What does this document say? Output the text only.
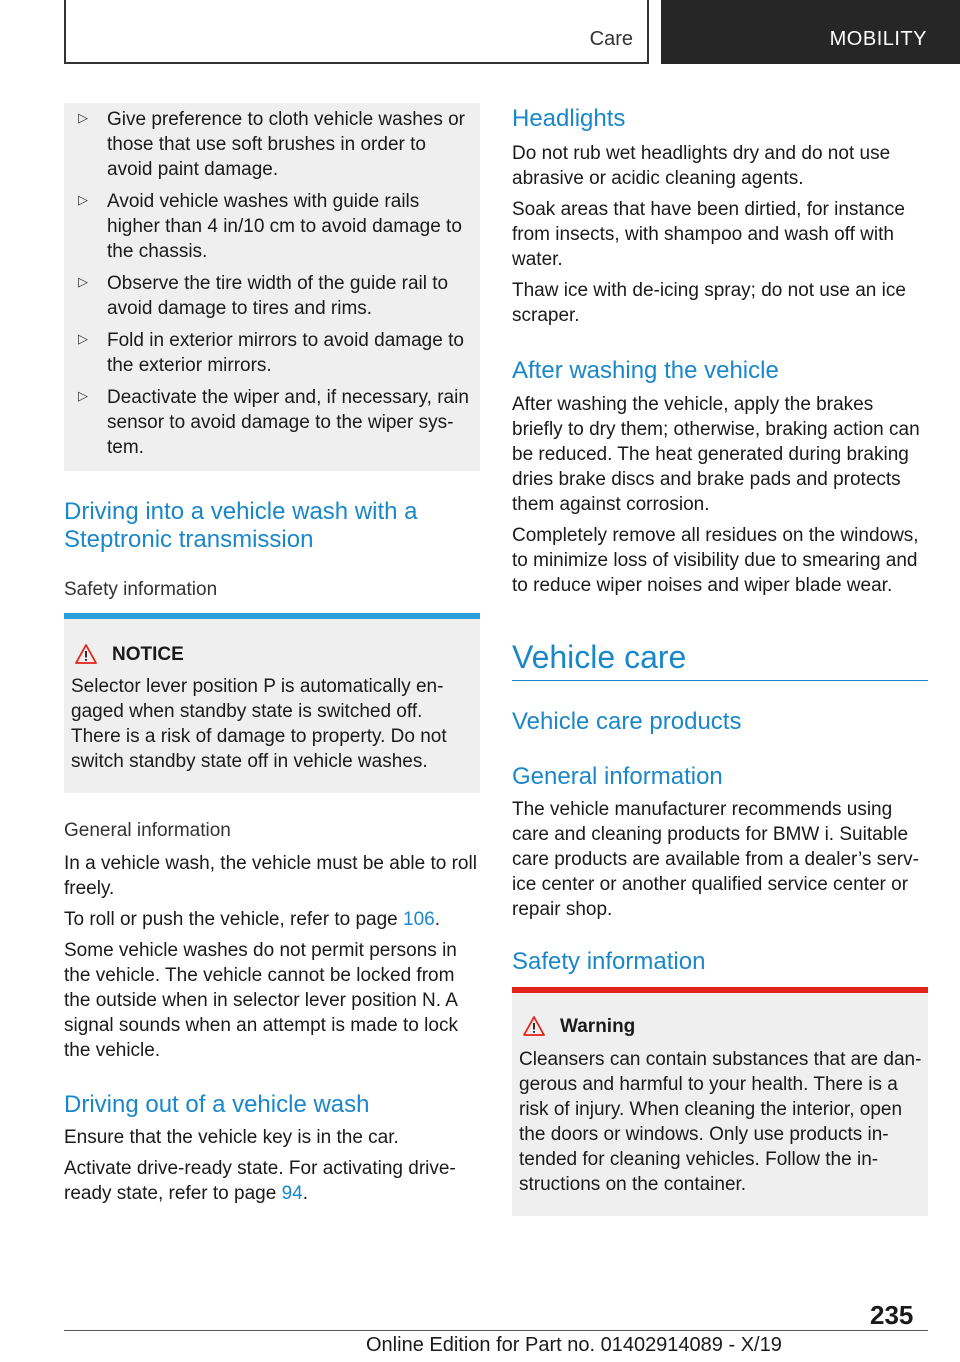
Care	MOBILITY
▷ Give preference to cloth vehicle washes or those that use soft brushes in order to avoid paint damage.
▷ Avoid vehicle washes with guide rails higher than 4 in/10 cm to avoid damage to the chassis.
▷ Observe the tire width of the guide rail to avoid damage to tires and rims.
▷ Fold in exterior mirrors to avoid damage to the exterior mirrors.
▷ Deactivate the wiper and, if necessary, rain sensor to avoid damage to the wiper system.
Driving into a vehicle wash with a
Steptronic transmission
Safety information
NOTICE
Selector lever position P is automatically engaged when standby state is switched off. There is a risk of damage to property. Do not switch standby state off in vehicle washes.
General information

In a vehicle wash, the vehicle must be able to roll freely.

To roll or push the vehicle, refer to page 106.

Some vehicle washes do not permit persons in the vehicle. The vehicle cannot be locked from the outside when in selector lever position N. A signal sounds when an attempt is made to lock the vehicle.

Driving out of a vehicle wash

Ensure that the vehicle key is in the car.

Activate drive-ready state. For activating drive-ready state, refer to page 94.

Headlights

Do not rub wet headlights dry and do not use abrasive or acidic cleaning agents.

Soak areas that have been dirtied, for instance from insects, with shampoo and wash off with water.

Thaw ice with de-icing spray; do not use an ice scraper.

After washing the vehicle

After washing the vehicle, apply the brakes briefly to dry them; otherwise, braking action can be reduced. The heat generated during braking dries brake discs and brake pads and protects them against corrosion.

Completely remove all residues on the windows, to minimize loss of visibility due to smearing and to reduce wiper noises and wiper blade wear.

Vehicle care
Vehicle care products
General information

The vehicle manufacturer recommends using care and cleaning products for BMW i. Suitable care products are available from a dealer’s service center or another qualified service center or repair shop.

Safety information
Warning
Cleansers can contain substances that are dangerous and harmful to your health. There is a risk of injury. When cleaning the interior, open the doors or windows. Only use products intended for cleaning vehicles. Follow the instructions on the container.
235
Online Edition for Part no. 01402914089 - X/19
